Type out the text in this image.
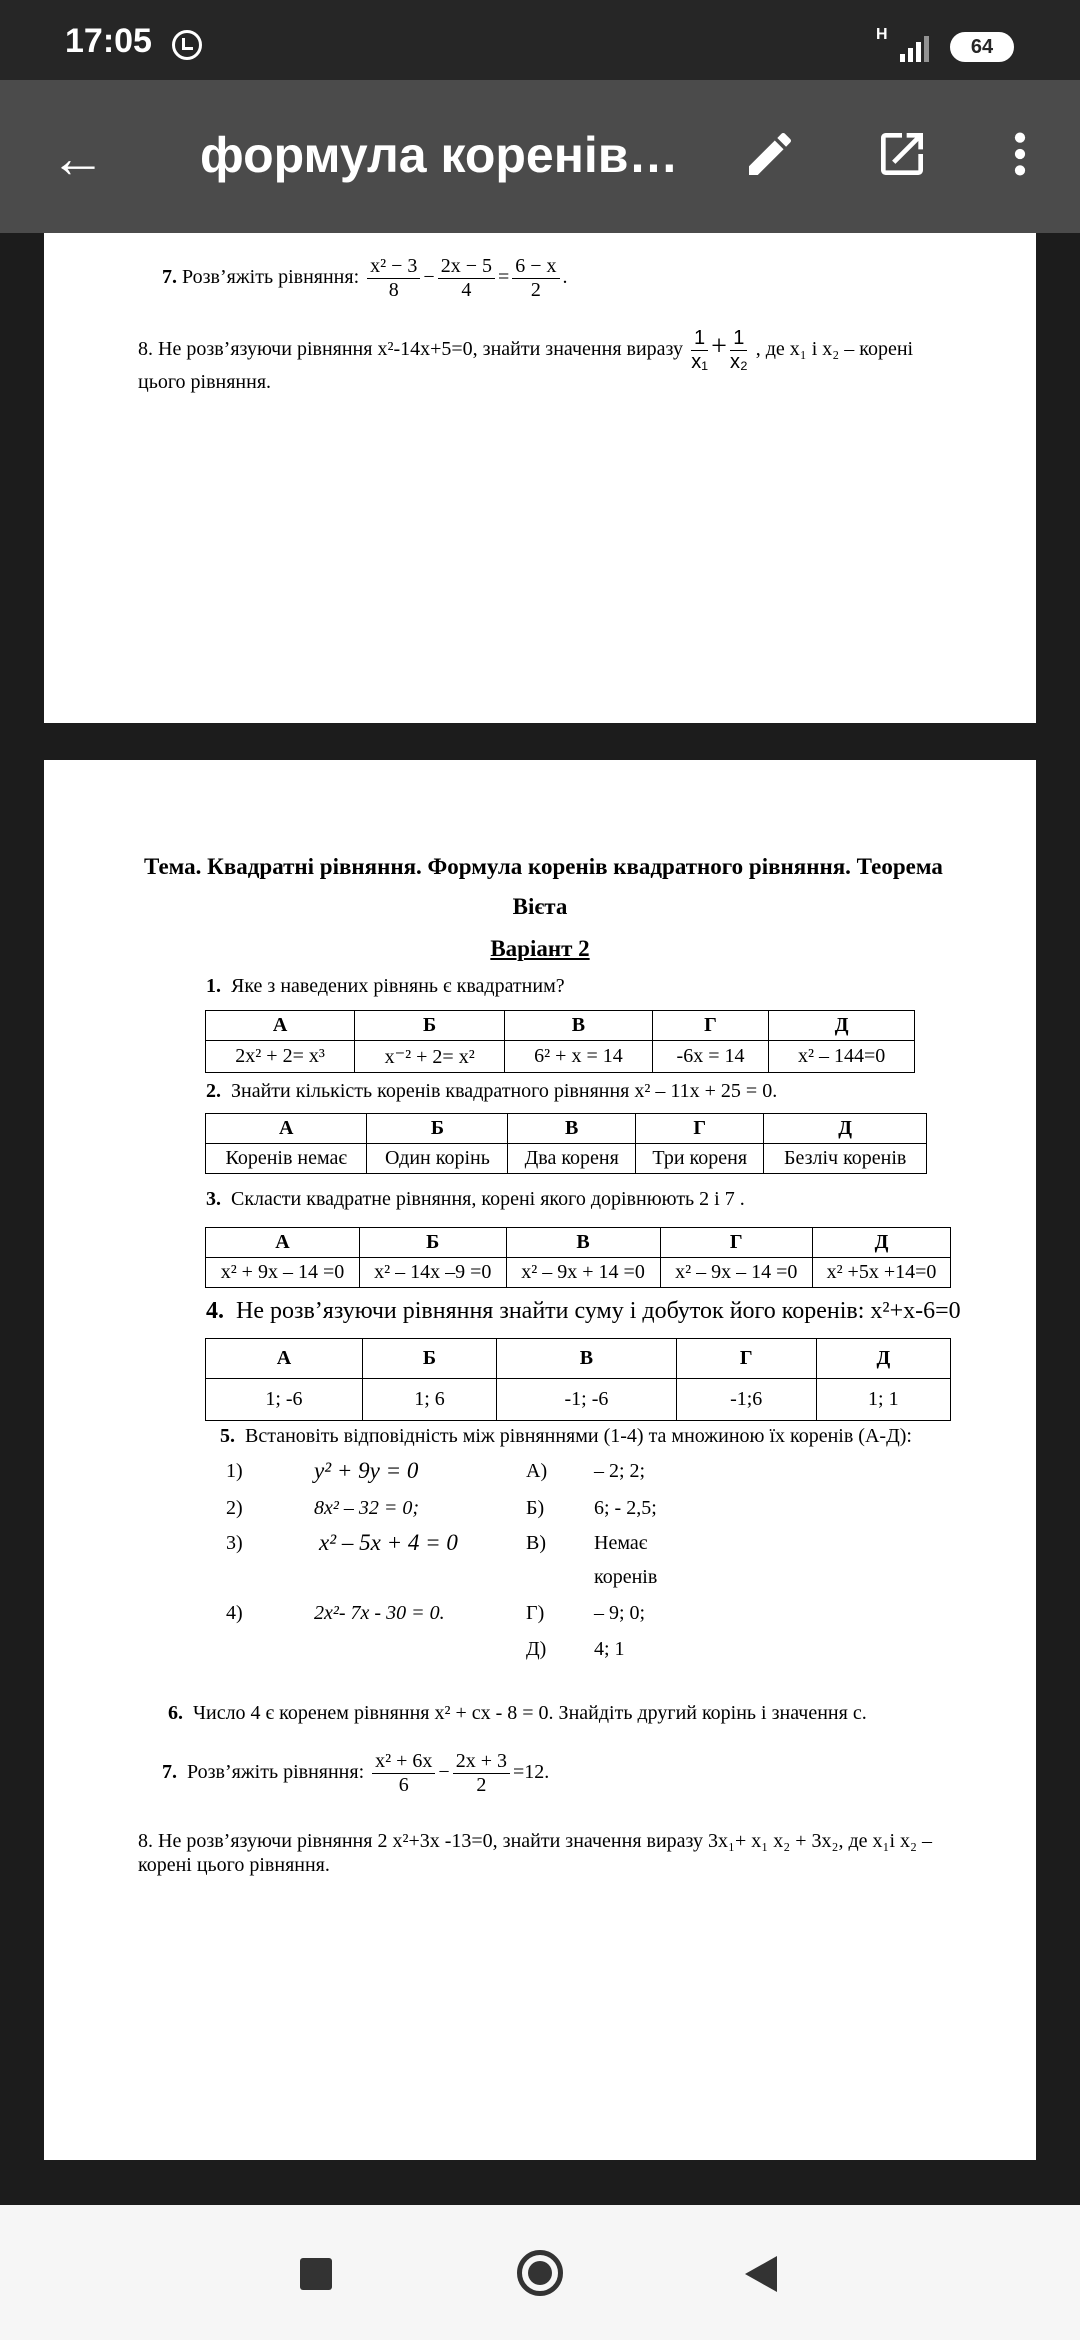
17:05	H
64
← формула коренів…
7. Розв’яжіть рівняння: $\frac{\text{x² − 3}}{8} - \frac{2x - 5}{4} = \frac{6 - x}{2}$ .
8. Не розв’язуючи рівняння x²-14x+5=0, знайти значення виразу $\frac{1}{\text{x₁}} + \frac{1}{\text{x₂}}$ , де x₁ і x₂ – корені
цього рівняння.
Тема. Квадратні рівняння. Формула коренів квадратного рівняння. Теорема
Вієта
Варіант 2
1. Яке з наведених рівнянь є квадратним?
А	Б	В	Г	Д
2x² + 2= x³	x⁻² + 2= x²	6² + x = 14	-6x = 14	x² – 144=0
2. Знайти кількість коренів квадратного рівняння x² – 11x + 25 = 0.
А	Б	В	Г	Д
Коренів немає	Один корінь	Два кореня	Три кореня	Безліч коренів
3. Скласти квадратне рівняння, корені якого дорівнюють 2 і 7 .
А	Б	В	Г	Д
x² + 9x – 14 =0	x² – 14x –9 =0	x² – 9x + 14 =0	x² – 9x – 14 =0	x² +5x +14=0
4. Не розв’язуючи рівняння знайти суму і добуток його коренів: x²+x-6=0
А	Б	В	Г	Д
1; -6	1; 6	-1; -6	-1;6	1; 1
5. Встановіть відповідність між рівняннями (1-4) та множиною їх коренів (А-Д):
1)	y² + 9y = 0
2)	8x² – 32 = 0;
3)	x² – 5x + 4 = 0
4)	2x²- 7x - 30 = 0.
А) – 2; 2;
Б) 6; - 2,5;
В) Немає
коренів
Г) – 9; 0;
Д) 4; 1
6. Число 4 є коренем рівняння x² + cx - 8 = 0. Знайдіть другий корінь і значення с.
7. Розв’яжіть рівняння: $\frac{\text{x² + 6x}}{6} - \frac{2x + 3}{2} =12$.
8. Не розв’язуючи рівняння 2 x²+3x -13=0, знайти значення виразу 3x₁+ x₁ x₂ + 3x₂, де x₁і x₂ –
корені цього рівняння.
